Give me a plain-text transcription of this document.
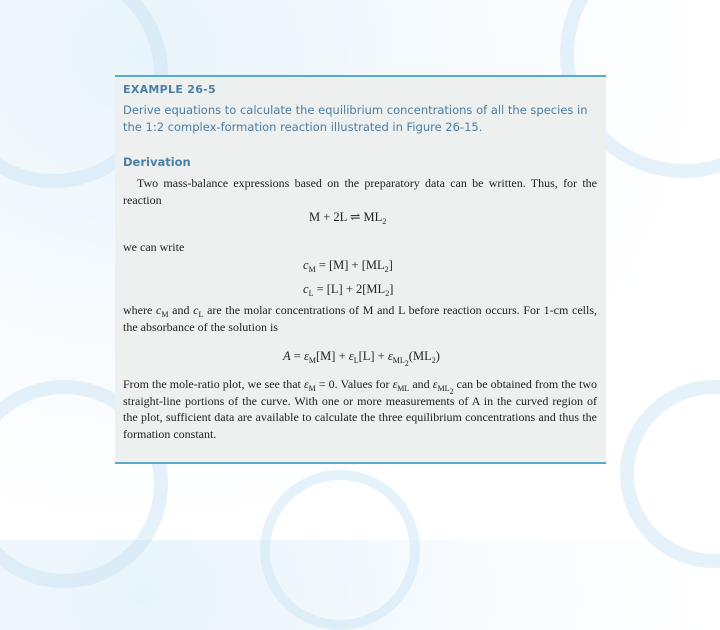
EXAMPLE 26-5
Derive equations to calculate the equilibrium concentrations of all the species in the 1:2 complex-formation reaction illustrated in Figure 26-15.
Derivation
Two mass-balance expressions based on the preparatory data can be written. Thus, for the reaction
M + 2L ⇌ $ML_2$
we can write
$c_M = [M] + [ML_2]$
$c_L = [L] + 2[ML_2]$
where $c_M$ and $c_L$ are the molar concentrations of M and L before reaction occurs. For 1-cm cells, the absorbance of the solution is
$A = \varepsilon_M[M] + \varepsilon_L[L] + \varepsilon_{ML_2}(ML_2)$
From the mole-ratio plot, we see that $\varepsilon_M = 0$. Values for $\varepsilon_{ML}$ and $\varepsilon_{ML_2}$ can be obtained from the two straight-line portions of the curve. With one or more measurements of A in the curved region of the plot, sufficient data are available to calculate the three equilibrium concentrations and thus the formation constant.
